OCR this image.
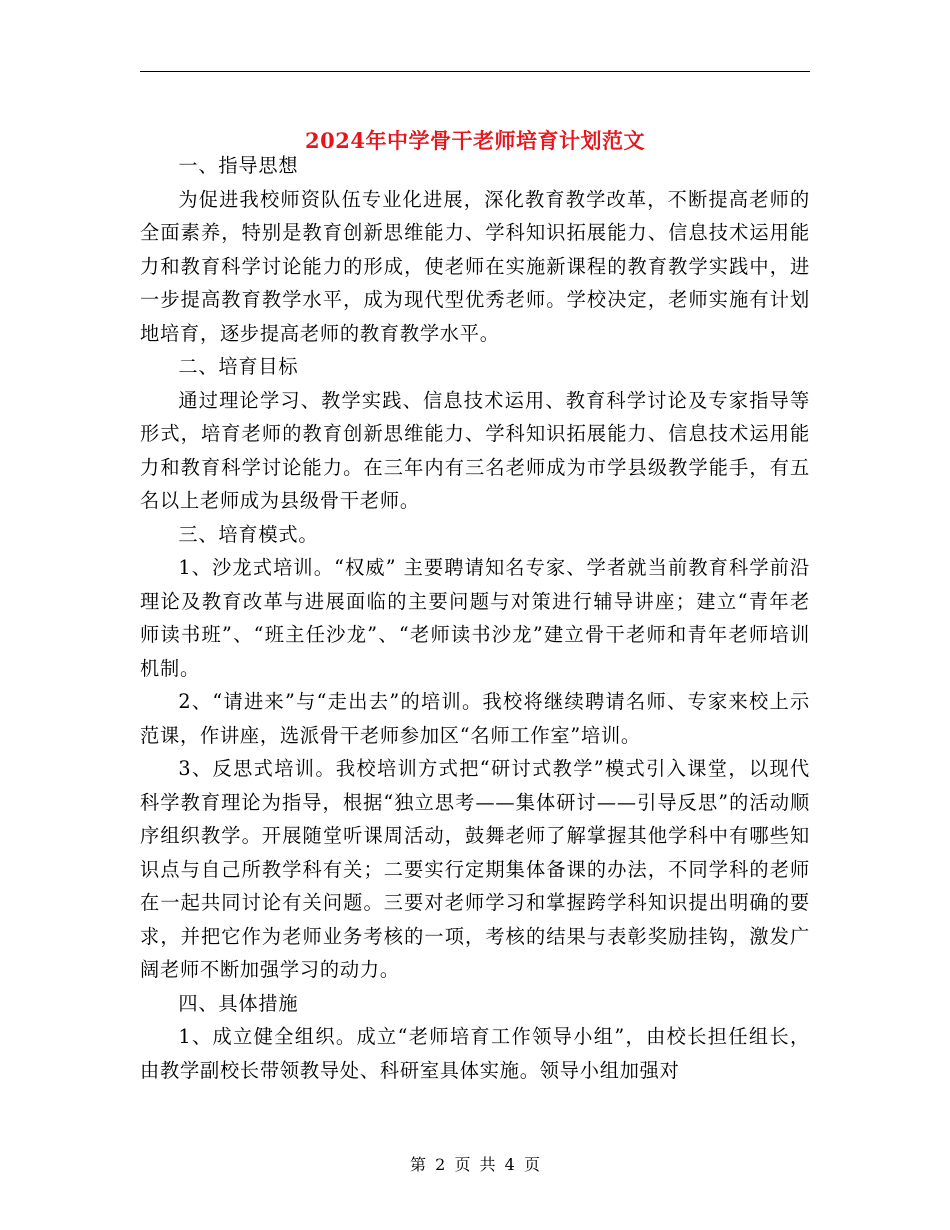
2024年中学骨干老师培育计划范文

一、指导思想

为促进我校师资队伍专业化进展，深化教育教学改革，不断提高老师的全面素养，特别是教育创新思维能力、学科知识拓展能力、信息技术运用能力和教育科学讨论能力的形成，使老师在实施新课程的教育教学实践中，进一步提高教育教学水平，成为现代型优秀老师。学校决定，老师实施有计划地培育，逐步提高老师的教育教学水平。

二、培育目标

通过理论学习、教学实践、信息技术运用、教育科学讨论及专家指导等形式，培育老师的教育创新思维能力、学科知识拓展能力、信息技术运用能力和教育科学讨论能力。在三年内有三名老师成为市学县级教学能手，有五名以上老师成为县级骨干老师。

三、培育模式。

1、沙龙式培训。“权威” 主要聘请知名专家、学者就当前教育科学前沿理论及教育改革与进展面临的主要问题与对策进行辅导讲座；建立“青年老师读书班”、“班主任沙龙”、“老师读书沙龙”建立骨干老师和青年老师培训机制。

2、“请进来”与“走出去”的培训。我校将继续聘请名师、专家来校上示范课，作讲座，选派骨干老师参加区“名师工作室”培训。

3、反思式培训。我校培训方式把“研讨式教学”模式引入课堂，以现代科学教育理论为指导，根据“独立思考——集体研讨——引导反思”的活动顺序组织教学。开展随堂听课周活动，鼓舞老师了解掌握其他学科中有哪些知识点与自己所教学科有关；二要实行定期集体备课的办法，不同学科的老师在一起共同讨论有关问题。三要对老师学习和掌握跨学科知识提出明确的要求，并把它作为老师业务考核的一项，考核的结果与表彰奖励挂钩，激发广阔老师不断加强学习的动力。

四、具体措施

1、成立健全组织。成立“老师培育工作领导小组”，由校长担任组长，由教学副校长带领教导处、科研室具体实施。领导小组加强对

第 2 页 共 4 页
